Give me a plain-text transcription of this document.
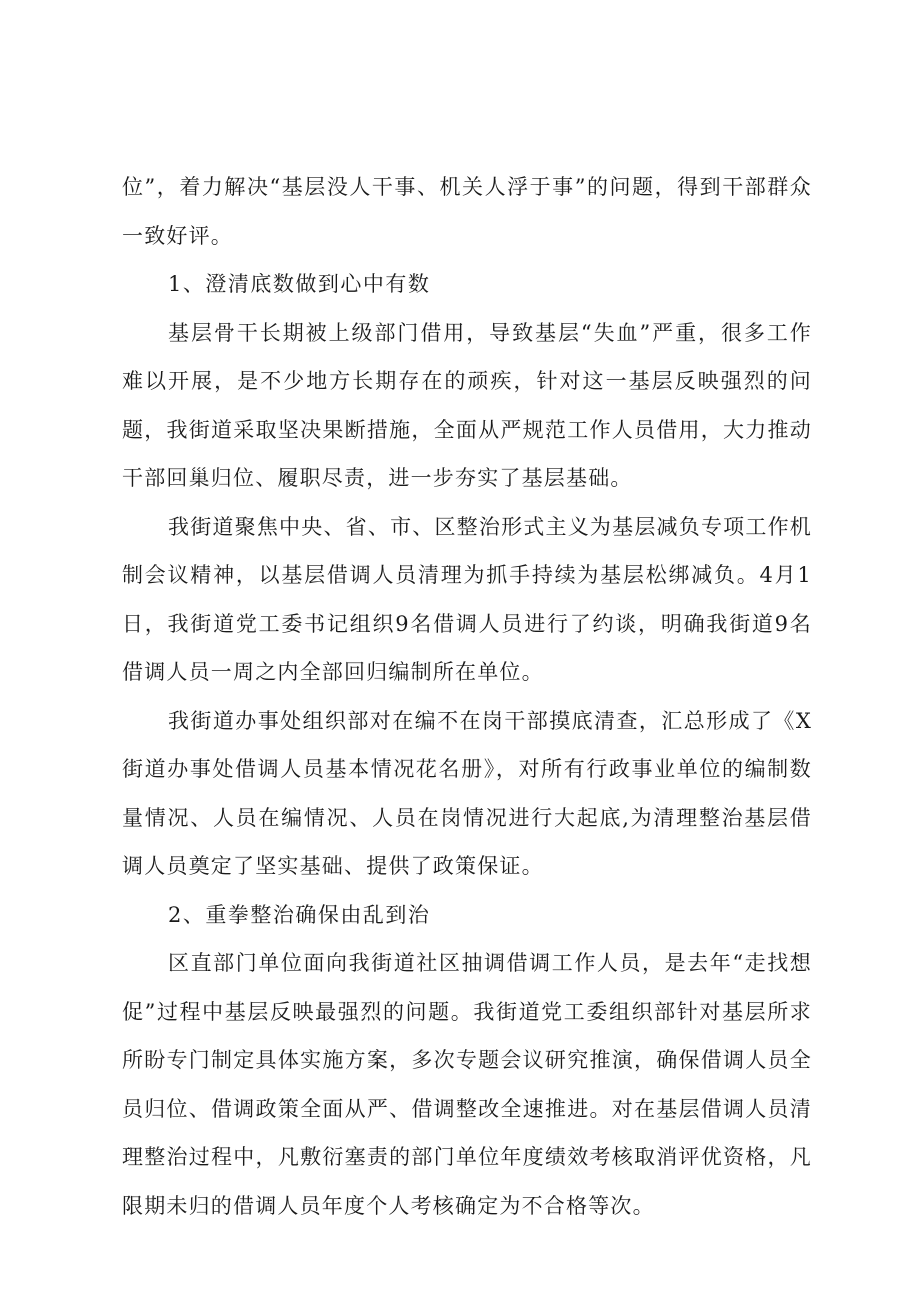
位”，着力解决“基层没人干事、机关人浮于事”的问题，得到干部群众一致好评。

1、澄清底数做到心中有数

基层骨干长期被上级部门借用，导致基层“失血”严重，很多工作难以开展，是不少地方长期存在的顽疾，针对这一基层反映强烈的问题，我街道采取坚决果断措施，全面从严规范工作人员借用，大力推动干部回巢归位、履职尽责，进一步夯实了基层基础。

我街道聚焦中央、省、市、区整治形式主义为基层减负专项工作机制会议精神，以基层借调人员清理为抓手持续为基层松绑减负。4月1日，我街道党工委书记组织9名借调人员进行了约谈，明确我街道9名借调人员一周之内全部回归编制所在单位。

我街道办事处组织部对在编不在岗干部摸底清查，汇总形成了《X街道办事处借调人员基本情况花名册》，对所有行政事业单位的编制数量情况、人员在编情况、人员在岗情况进行大起底,为清理整治基层借调人员奠定了坚实基础、提供了政策保证。

2、重拳整治确保由乱到治

区直部门单位面向我街道社区抽调借调工作人员，是去年“走找想促”过程中基层反映最强烈的问题。我街道党工委组织部针对基层所求所盼专门制定具体实施方案，多次专题会议研究推演，确保借调人员全员归位、借调政策全面从严、借调整改全速推进。对在基层借调人员清理整治过程中，凡敷衍塞责的部门单位年度绩效考核取消评优资格，凡限期未归的借调人员年度个人考核确定为不合格等次。
